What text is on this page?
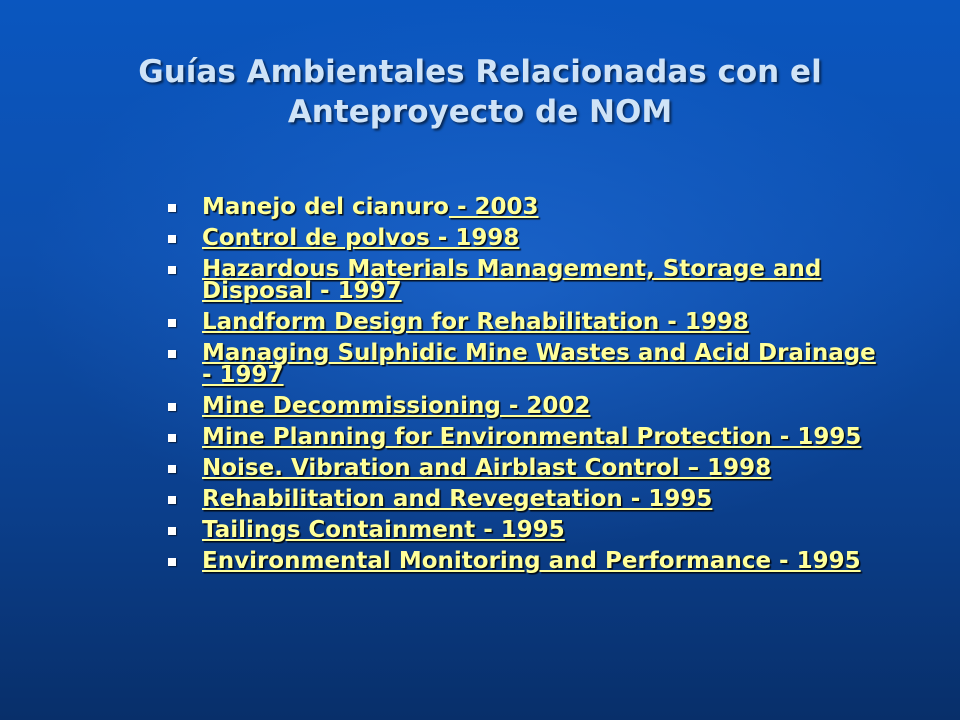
Guías Ambientales Relacionadas con el
Anteproyecto de NOM
Manejo del cianuro - 2003
Control de polvos - 1998
Hazardous Materials Management, Storage and Disposal - 1997
Landform Design for Rehabilitation - 1998
Managing Sulphidic Mine Wastes and Acid Drainage - 1997
Mine Decommissioning - 2002
Mine Planning for Environmental Protection - 1995
Noise. Vibration and Airblast Control – 1998
Rehabilitation and Revegetation - 1995
Tailings Containment - 1995
Environmental Monitoring and Performance - 1995
